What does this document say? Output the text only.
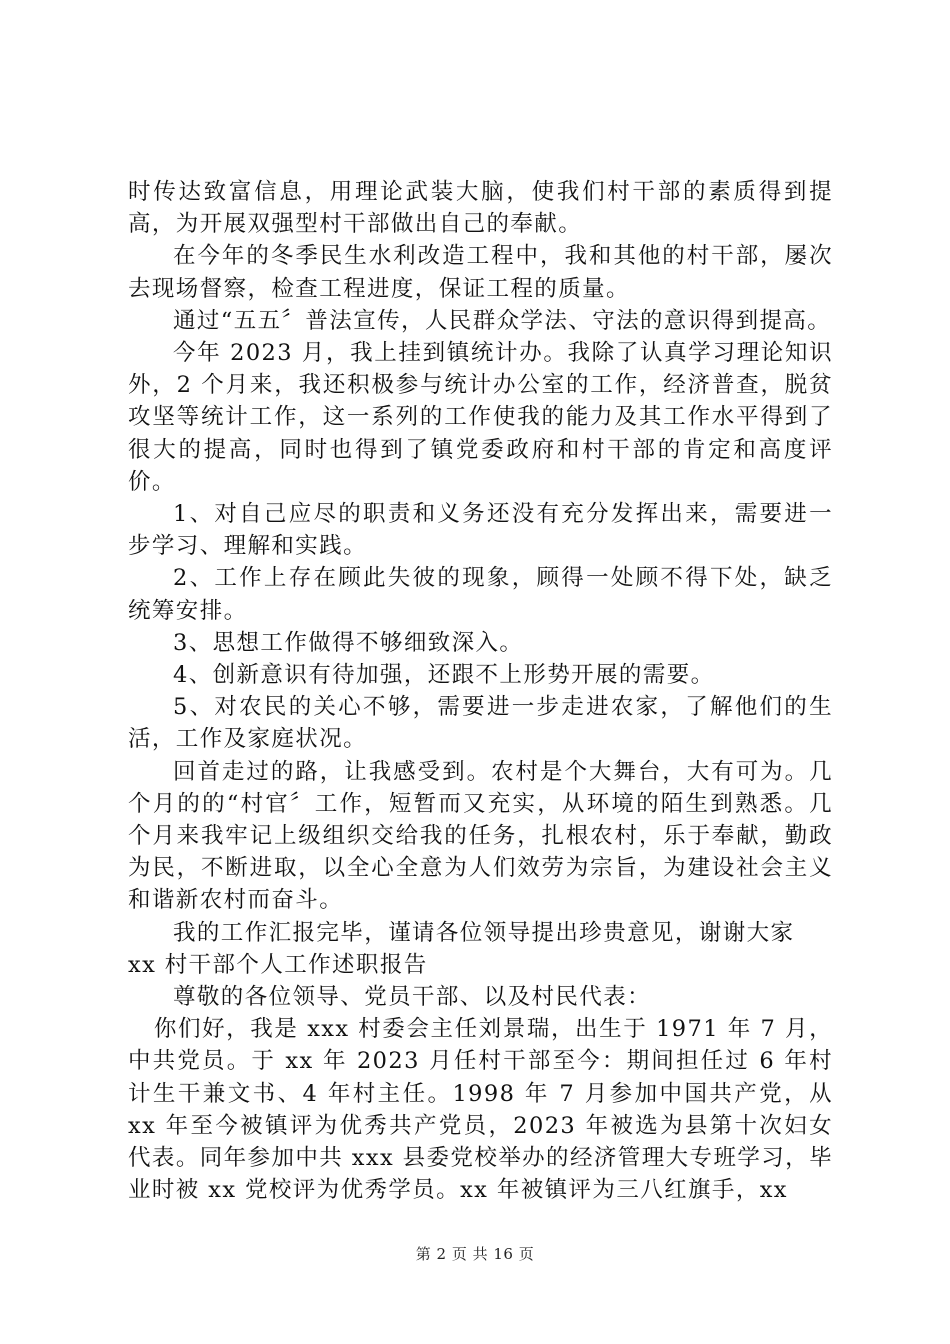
时传达致富信息，用理论武装大脑，使我们村干部的素质得到提高，为开展双强型村干部做出自己的奉献。

在今年的冬季民生水利改造工程中，我和其他的村干部，屡次去现场督察，检查工程进度，保证工程的质量。

通过“五五〞普法宣传，人民群众学法、守法的意识得到提高。

今年 2023 月，我上挂到镇统计办。我除了认真学习理论知识外，2 个月来，我还积极参与统计办公室的工作，经济普查，脱贫攻坚等统计工作，这一系列的工作使我的能力及其工作水平得到了很大的提高，同时也得到了镇党委政府和村干部的肯定和高度评价。

1、对自己应尽的职责和义务还没有充分发挥出来，需要进一步学习、理解和实践。

2、工作上存在顾此失彼的现象，顾得一处顾不得下处，缺乏统筹安排。

3、思想工作做得不够细致深入。

4、创新意识有待加强，还跟不上形势开展的需要。

5、对农民的关心不够，需要进一步走进农家，了解他们的生活，工作及家庭状况。

回首走过的路，让我感受到。农村是个大舞台，大有可为。几个月的的“村官〞工作，短暂而又充实，从环境的陌生到熟悉。几个月来我牢记上级组织交给我的任务，扎根农村，乐于奉献，勤政为民，不断进取，以全心全意为人们效劳为宗旨，为建设社会主义和谐新农村而奋斗。

我的工作汇报完毕，谨请各位领导提出珍贵意见，谢谢大家

xx 村干部个人工作述职报告

尊敬的各位领导、党员干部、以及村民代表：

你们好，我是 xxx 村委会主任刘景瑞，出生于 1971 年 7 月，中共党员。于 xx 年 2023 月任村干部至今：期间担任过 6 年村计生干兼文书、4 年村主任。1998 年 7 月参加中国共产党，从 xx 年至今被镇评为优秀共产党员，2023 年被选为县第十次妇女代表。同年参加中共 xxx 县委党校举办的经济管理大专班学习，毕业时被 xx 党校评为优秀学员。xx 年被镇评为三八红旗手，xx

第 2 页 共 16 页
